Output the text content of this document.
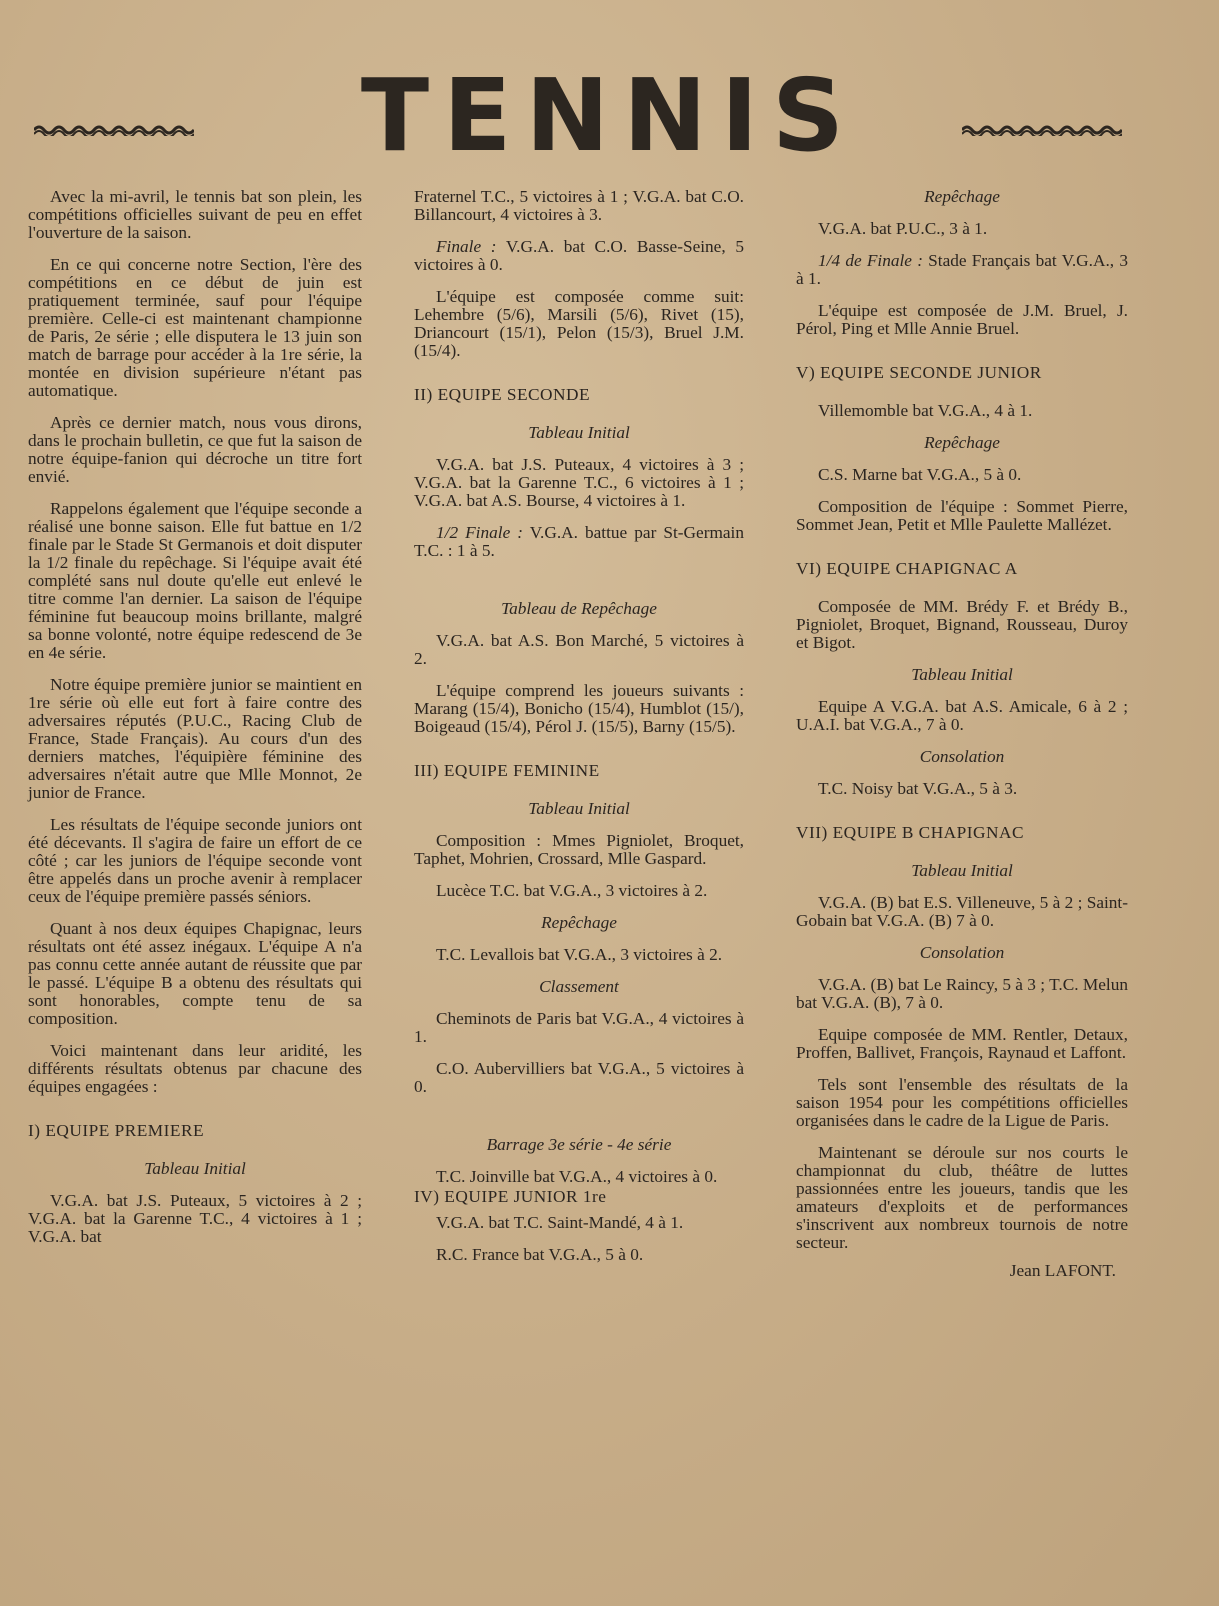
TENNIS

Avec la mi-avril, le tennis bat son plein, les compétitions officielles suivant de peu en effet l'ouverture de la saison.

En ce qui concerne notre Section, l'ère des compétitions en ce début de juin est pratiquement terminée, sauf pour l'équipe première. Celle-ci est maintenant championne de Paris, 2e série ; elle disputera le 13 juin son match de barrage pour accéder à la 1re série, la montée en division supérieure n'étant pas automatique.

Après ce dernier match, nous vous dirons, dans le prochain bulletin, ce que fut la saison de notre équipe-fanion qui décroche un titre fort envié.

Rappelons également que l'équipe seconde a réalisé une bonne saison. Elle fut battue en 1/2 finale par le Stade St Germanois et doit disputer la 1/2 finale du repêchage. Si l'équipe avait été complété sans nul doute qu'elle eut enlevé le titre comme l'an dernier. La saison de l'équipe féminine fut beaucoup moins brillante, malgré sa bonne volonté, notre équipe redescend de 3e en 4e série.

Notre équipe première junior se maintient en 1re série où elle eut fort à faire contre des adversaires réputés (P.U.C., Racing Club de France, Stade Français). Au cours d'un des derniers matches, l'équipière féminine des adversaires n'était autre que Mlle Monnot, 2e junior de France.

Les résultats de l'équipe seconde juniors ont été décevants. Il s'agira de faire un effort de ce côté ; car les juniors de l'équipe seconde vont être appelés dans un proche avenir à remplacer ceux de l'équipe première passés séniors.

Quant à nos deux équipes Chapignac, leurs résultats ont été assez inégaux. L'équipe A n'a pas connu cette année autant de réussite que par le passé. L'équipe B a obtenu des résultats qui sont honorables, compte tenu de sa composition.

Voici maintenant dans leur aridité, les différents résultats obtenus par chacune des équipes engagées :

I) EQUIPE PREMIERE
Tableau Initial

V.G.A. bat J.S. Puteaux, 5 victoires à 2 ; V.G.A. bat la Garenne T.C., 4 victoires à 1 ; V.G.A. bat

Fraternel T.C., 5 victoires à 1 ; V.G.A. bat C.O. Billancourt, 4 victoires à 3.

Finale : V.G.A. bat C.O. Basse-Seine, 5 victoires à 0.

L'équipe est composée comme suit: Lehembre (5/6), Marsili (5/6), Rivet (15), Driancourt (15/1), Pelon (15/3), Bruel J.M. (15/4).

II) EQUIPE SECONDE
Tableau Initial

V.G.A. bat J.S. Puteaux, 4 victoires à 3 ; V.G.A. bat la Garenne T.C., 6 victoires à 1 ; V.G.A. bat A.S. Bourse, 4 victoires à 1.

1/2 Finale : V.G.A. battue par St-Germain T.C. : 1 à 5.

Tableau de Repêchage

V.G.A. bat A.S. Bon Marché, 5 victoires à 2.

L'équipe comprend les joueurs suivants : Marang (15/4), Bonicho (15/4), Humblot (15/), Boigeaud (15/4), Pérol J. (15/5), Barny (15/5).

III) EQUIPE FEMININE
Tableau Initial

Composition : Mmes Pigniolet, Broquet, Taphet, Mohrien, Crossard, Mlle Gaspard.

Lucèce T.C. bat V.G.A., 3 victoires à 2.

Repêchage

T.C. Levallois bat V.G.A., 3 victoires à 2.

Classement

Cheminots de Paris bat V.G.A., 4 victoires à 1.

C.O. Aubervilliers bat V.G.A., 5 victoires à 0.

Barrage 3e série - 4e série

T.C. Joinville bat V.G.A., 4 victoires à 0.

IV) EQUIPE JUNIOR 1re

V.G.A. bat T.C. Saint-Mandé, 4 à 1.

R.C. France bat V.G.A., 5 à 0.

Repêchage

V.G.A. bat P.U.C., 3 à 1.

1/4 de Finale : Stade Français bat V.G.A., 3 à 1.

L'équipe est composée de J.M. Bruel, J. Pérol, Ping et Mlle Annie Bruel.

V) EQUIPE SECONDE JUNIOR

Villemomble bat V.G.A., 4 à 1.

Repêchage

C.S. Marne bat V.G.A., 5 à 0.

Composition de l'équipe : Sommet Pierre, Sommet Jean, Petit et Mlle Paulette Mallézet.

VI) EQUIPE CHAPIGNAC A

Composée de MM. Brédy F. et Brédy B., Pigniolet, Broquet, Bignand, Rousseau, Duroy et Bigot.

Tableau Initial

Equipe A V.G.A. bat A.S. Amicale, 6 à 2 ; U.A.I. bat V.G.A., 7 à 0.

Consolation

T.C. Noisy bat V.G.A., 5 à 3.

VII) EQUIPE B CHAPIGNAC
Tableau Initial

V.G.A. (B) bat E.S. Villeneuve, 5 à 2 ; Saint-Gobain bat V.G.A. (B) 7 à 0.

Consolation

V.G.A. (B) bat Le Raincy, 5 à 3 ; T.C. Melun bat V.G.A. (B), 7 à 0.

Equipe composée de MM. Rentler, Detaux, Proffen, Ballivet, François, Raynaud et Laffont.

Tels sont l'ensemble des résultats de la saison 1954 pour les compétitions officielles organisées dans le cadre de la Ligue de Paris.

Maintenant se déroule sur nos courts le championnat du club, théâtre de luttes passionnées entre les joueurs, tandis que les amateurs d'exploits et de performances s'inscrivent aux nombreux tournois de notre secteur.

Jean LAFONT.
